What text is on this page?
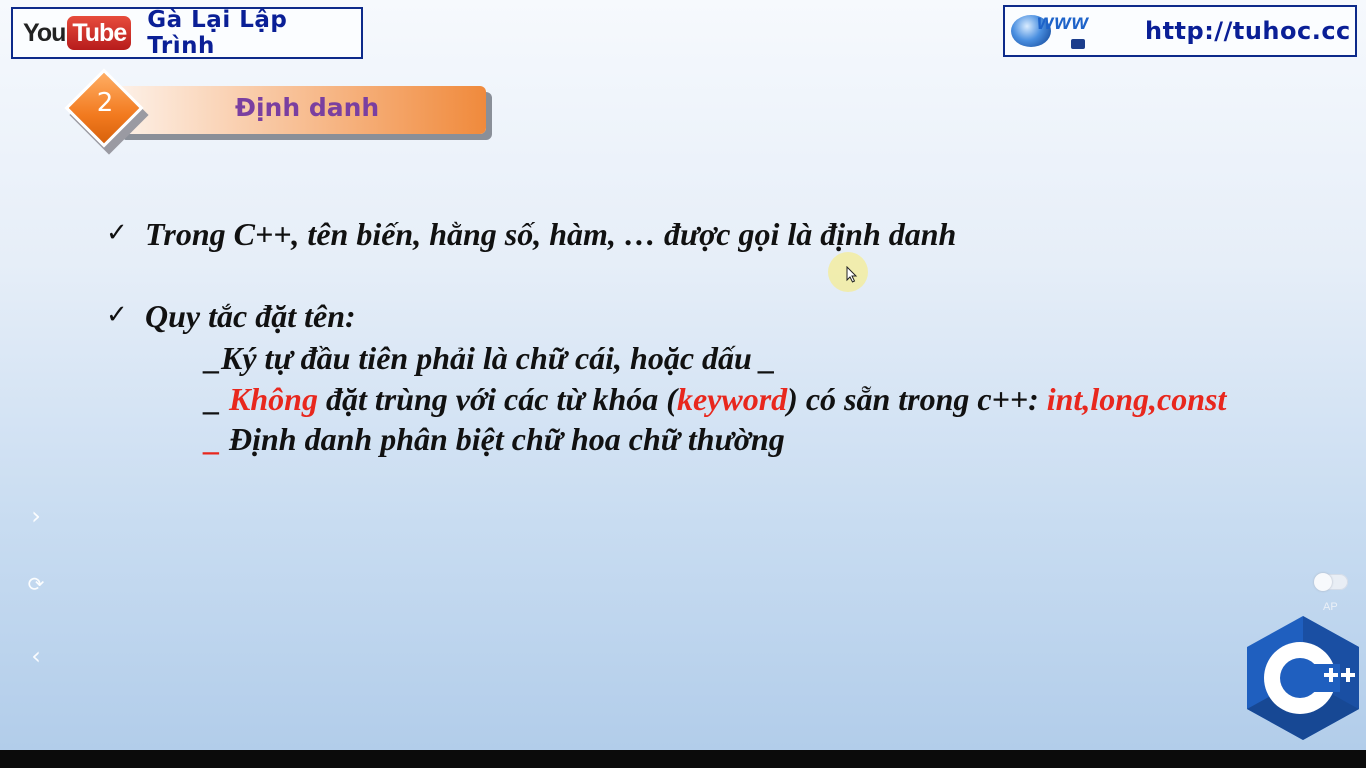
You Tube Gà Lại Lập Trình
www http://tuhoc.cc
2	Định danh
✓ Trong C++, tên biến, hằng số, hàm, … được gọi là định danh
✓ Quy tắc đặt tên:
_Ký tự đầu tiên phải là chữ cái, hoặc dấu _
_ Không đặt trùng với các từ khóa (keyword) có sẵn trong c++: int,long,const
_ Định danh phân biệt chữ hoa chữ thường
›
⟳
‹
AP
